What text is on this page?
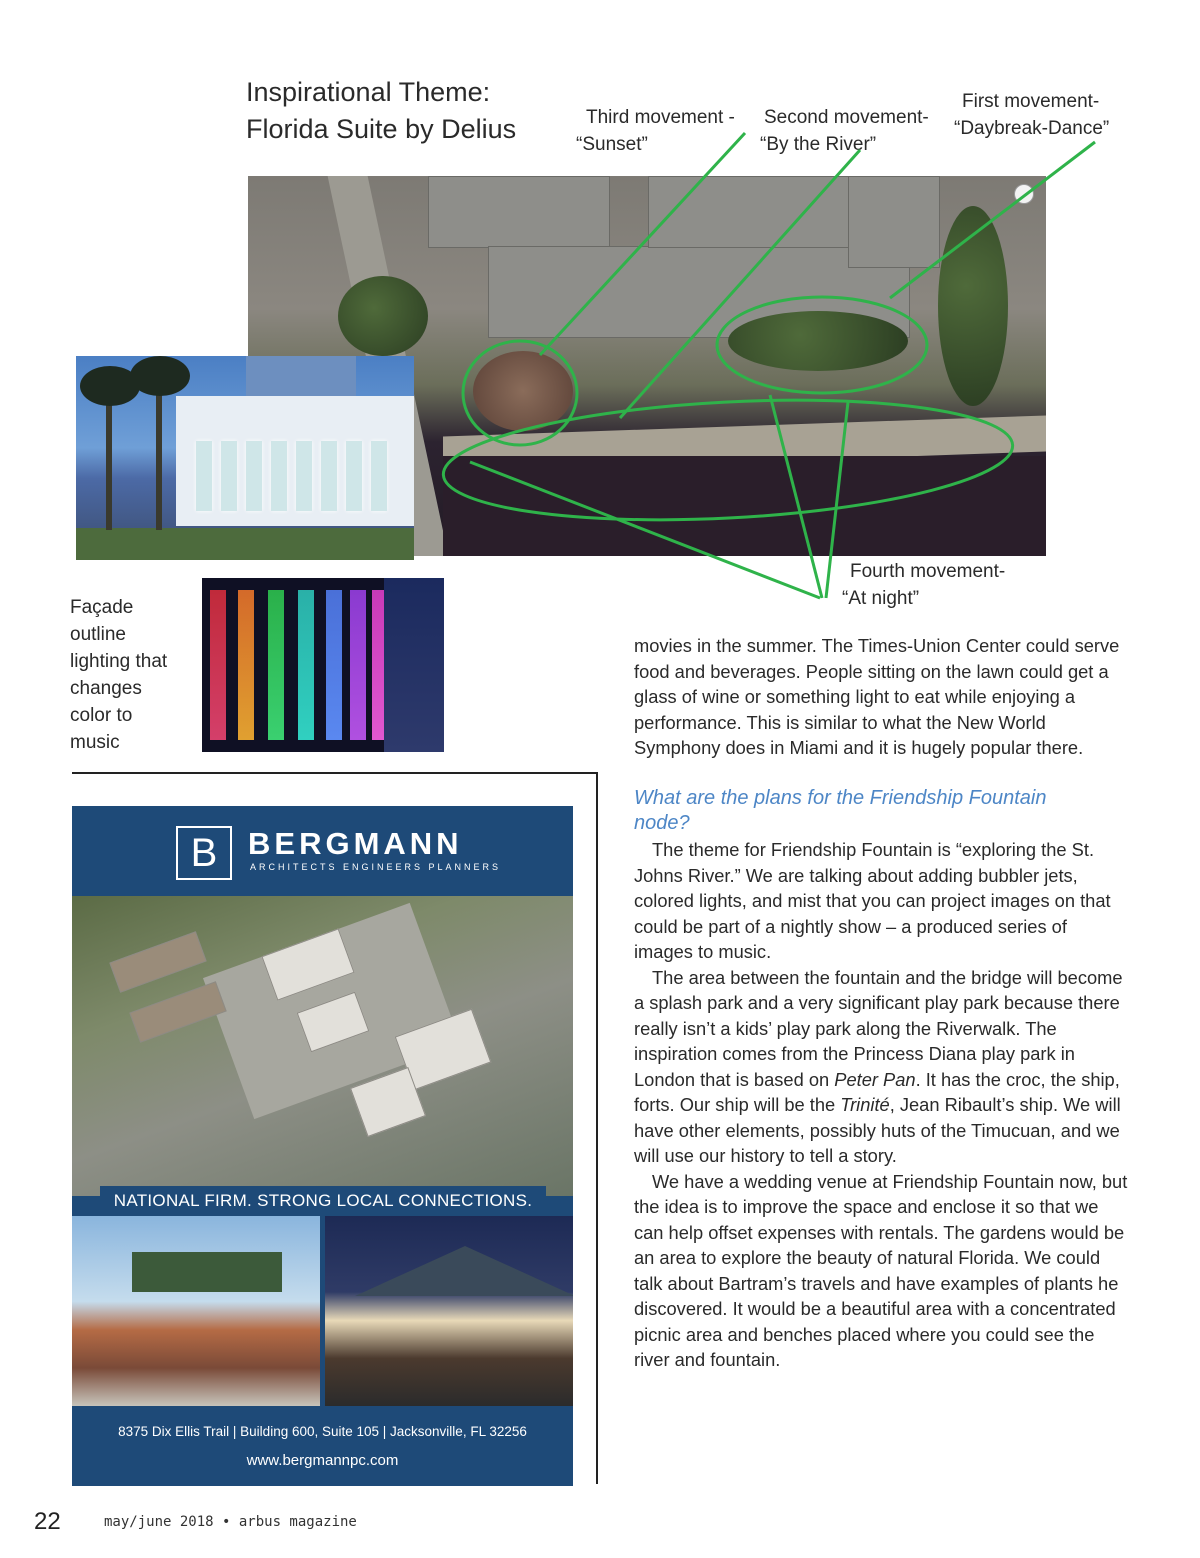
Inspirational Theme:
Florida Suite by Delius	Third movement -
“Sunset”
Second movement-
“By the River”
First movement-
“Daybreak-Dance”
Fourth movement-
“At night”
Façade
outline
lighting that
changes
color to
music

movies in the summer. The Times-Union Center could serve food and beverages. People sitting on the lawn could get a glass of wine or something light to eat while enjoying a performance. This is similar to what the New World Symphony does in Miami and it is hugely popular there.

What are the plans for the Friendship Fountain node?

The theme for Friendship Fountain is “exploring the St. Johns River.” We are talking about adding bubbler jets, colored lights, and mist that you can project images on that could be part of a nightly show – a produced series of images to music.

The area between the fountain and the bridge will become a splash park and a very significant play park because there really isn’t a kids’ play park along the Riverwalk. The inspiration comes from the Princess Diana play park in London that is based on Peter Pan. It has the croc, the ship, forts. Our ship will be the Trinité, Jean Ribault’s ship. We will have other elements, possibly huts of the Timucuan, and we will use our history to tell a story.

We have a wedding venue at Friendship Fountain now, but the idea is to improve the space and enclose it so that we can help offset expenses with rentals. The gardens would be an area to explore the beauty of natural Florida. We could talk about Bartram’s travels and have examples of plants he discovered. It would be a beautiful area with a concentrated picnic area and benches placed where you could see the river and fountain.

B BERGMANN
ARCHITECTS ENGINEERS PLANNERS
NATIONAL FIRM. STRONG LOCAL CONNECTIONS.
8375 Dix Ellis Trail | Building 600, Suite 105 | Jacksonville, FL 32256
www.bergmannpc.com
22	may/june 2018 • arbus magazine
